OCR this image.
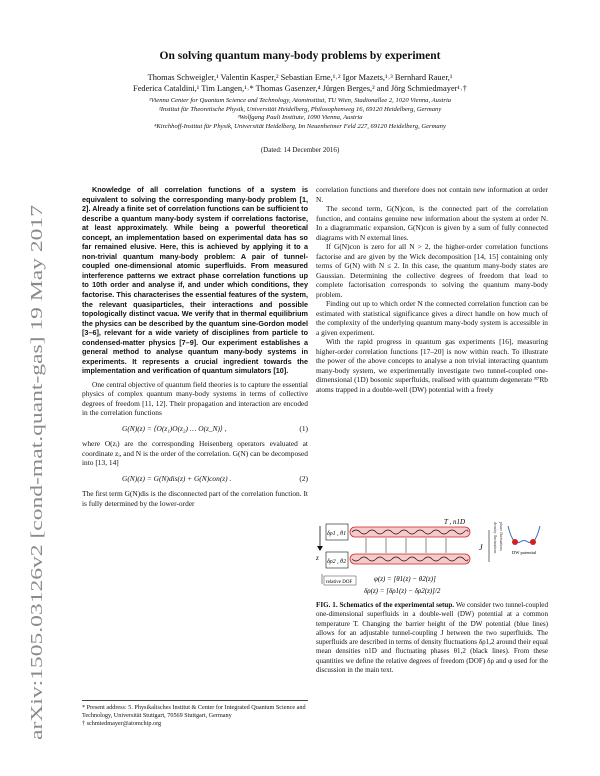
arXiv:1505.03126v2 [cond-mat.quant-gas] 19 May 2017
On solving quantum many-body problems by experiment
Thomas Schweigler,¹ Valentin Kasper,² Sebastian Erne,¹˒² Igor Mazets,¹˒³ Bernhard Rauer,¹
Federica Cataldini,¹ Tim Langen,¹˒* Thomas Gasenzer,⁴ Jürgen Berges,² and Jörg Schmiedmayer¹˒†
¹Vienna Center for Quantum Science and Technology, Atominstitut, TU Wien, Stadionallee 2, 1020 Vienna, Austria
²Institut für Theoretische Physik, Universität Heidelberg, Philosophenweg 16, 69120 Heidelberg, Germany
³Wolfgang Pauli Institute, 1090 Vienna, Austria
⁴Kirchhoff-Institut für Physik, Universität Heidelberg, Im Neuenheimer Feld 227, 69120 Heidelberg, Germany
(Dated: 14 December 2016)

Knowledge of all correlation functions of a system is equivalent to solving the corresponding many-body problem [1, 2]. Already a finite set of correlation functions can be sufficient to describe a quantum many-body system if correlations factorise, at least approximately. While being a powerful theoretical concept, an implementation based on experimental data has so far remained elusive. Here, this is achieved by applying it to a non-trivial quantum many-body problem: A pair of tunnel-coupled one-dimensional atomic superfluids. From measured interference patterns we extract phase correlation functions up to 10th order and analyse if, and under which conditions, they factorise. This characterises the essential features of the system, the relevant quasiparticles, their interactions and possible topologically distinct vacua. We verify that in thermal equilibrium the physics can be described by the quantum sine-Gordon model [3–6], relevant for a wide variety of disciplines from particle to condensed-matter physics [7–9]. Our experiment establishes a general method to analyse quantum many-body systems in experiments. It represents a crucial ingredient towards the implementation and verification of quantum simulators [10].

One central objective of quantum field theories is to capture the essential physics of complex quantum many-body systems in terms of collective degrees of freedom [11, 12]. Their propagation and interaction are encoded in the correlation functions

G(N)(z) = ⟨O(z₁)O(z₂) … O(z_N)⟩ ,	(1)

where O(zᵢ) are the corresponding Heisenberg operators evaluated at coordinate zᵢ, and N is the order of the correlation. G(N) can be decomposed into [13, 14]

G(N)(z) = G(N)dis(z) + G(N)con(z) .	(2)

The first term G(N)dis is the disconnected part of the correlation function. It is fully determined by the lower-order

* Present address: 5. Physikalisches Institut & Center for Integrated Quantum Science and Technology, Universität Stuttgart, 70569 Stuttgart, Germany
† schmiedmayer@atomchip.org

correlation functions and therefore does not contain new information at order N.

The second term, G(N)con, is the connected part of the correlation function, and contains genuine new information about the system at order N. In a diagrammatic expansion, G(N)con is given by a sum of fully connected diagrams with N external lines.

If G(N)con is zero for all N > 2, the higher-order correlation functions factorise and are given by the Wick decomposition [14, 15] containing only terms of G(N) with N ≤ 2. In this case, the quantum many-body states are Gaussian. Determining the collective degrees of freedom that lead to complete factorisation corresponds to solving the quantum many-body problem.

Finding out up to which order N the connected correlation function can be estimated with statistical significance gives a direct handle on how much of the complexity of the underlying quantum many-body system is accessible in a given experiment.

With the rapid progress in quantum gas experiments [16], measuring higher-order correlation functions [17–20] is now within reach. To illustrate the power of the above concepts to analyse a non trivial interacting quantum many-body system, we experimentally investigate two tunnel-coupled one-dimensional (1D) bosonic superfluids, realised with quantum degenerate ⁸⁷Rb atoms trapped in a double-well (DW) potential with a freely

z
δρ1 , θ1
δρ2 , θ2
T , n1D
J	density fluctuations phase fluctuations
DW potential
relative DOF	φ(z) = [θ1(z) − θ2(z)]
δρ(z) = [δρ1(z) − δρ2(z)]/2
FIG. 1. Schematics of the experimental setup. We consider two tunnel-coupled one-dimensional superfluids in a double-well (DW) potential at a common temperature T. Changing the barrier height of the DW potential (blue lines) allows for an adjustable tunnel-coupling J between the two superfluids. The superfluids are described in terms of density fluctuations δρ1,2 around their equal mean densities n1D and fluctuating phases θ1,2 (black lines). From these quantities we define the relative degrees of freedom (DOF) δρ and φ used for the discussion in the main text.
